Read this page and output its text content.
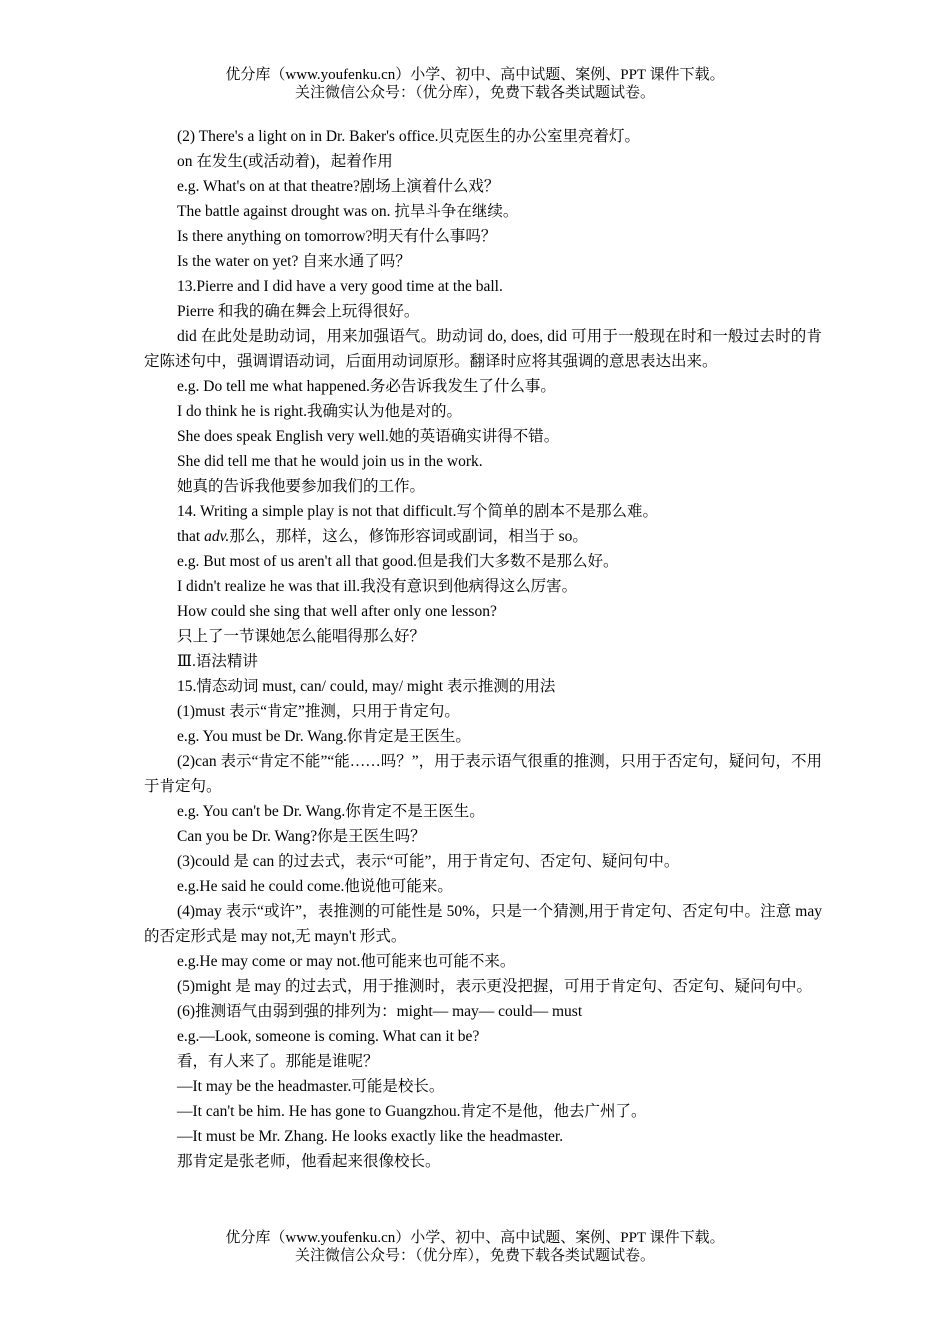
优分库（www.youfenku.cn）小学、初中、高中试题、案例、PPT 课件下载。
关注微信公众号：（优分库），免费下载各类试题试卷。

(2) There's a light on in Dr. Baker's office.贝克医生的办公室里亮着灯。

on 在发生(或活动着)，起着作用

e.g. What's on at that theatre?剧场上演着什么戏？

The battle against drought was on. 抗旱斗争在继续。

Is there anything on tomorrow?明天有什么事吗？

Is the water on yet? 自来水通了吗？

13.Pierre and I did have a very good time at the ball.

Pierre 和我的确在舞会上玩得很好。

did 在此处是助动词，用来加强语气。助动词 do, does, did 可用于一般现在时和一般过去时的肯定陈述句中，强调谓语动词，后面用动词原形。翻译时应将其强调的意思表达出来。

e.g. Do tell me what happened.务必告诉我发生了什么事。

I do think he is right.我确实认为他是对的。

She does speak English very well.她的英语确实讲得不错。

She did tell me that he would join us in the work.

她真的告诉我他要参加我们的工作。

14. Writing a simple play is not that difficult.写个简单的剧本不是那么难。

that adv.那么，那样，这么，修饰形容词或副词，相当于 so。

e.g. But most of us aren't all that good.但是我们大多数不是那么好。

I didn't realize he was that ill.我没有意识到他病得这么厉害。

How could she sing that well after only one lesson?

只上了一节课她怎么能唱得那么好？

Ⅲ.语法精讲

15.情态动词 must, can/ could, may/ might 表示推测的用法

(1)must 表示“肯定”推测，只用于肯定句。

e.g. You must be Dr. Wang.你肯定是王医生。

(2)can 表示“肯定不能”“能……吗？”，用于表示语气很重的推测，只用于否定句，疑问句，不用于肯定句。

e.g. You can't be Dr. Wang.你肯定不是王医生。

Can you be Dr. Wang?你是王医生吗？

(3)could 是 can 的过去式，表示“可能”，用于肯定句、否定句、疑问句中。

e.g.He said he could come.他说他可能来。

(4)may 表示“或许”，表推测的可能性是 50%，只是一个猜测,用于肯定句、否定句中。注意 may 的否定形式是 may not,无 mayn't 形式。

e.g.He may come or may not.他可能来也可能不来。

(5)might 是 may 的过去式，用于推测时，表示更没把握，可用于肯定句、否定句、疑问句中。

(6)推测语气由弱到强的排列为：might— may— could— must

e.g.—Look, someone is coming. What can it be?

看，有人来了。那能是谁呢？

—It may be the headmaster.可能是校长。

—It can't be him. He has gone to Guangzhou.肯定不是他，他去广州了。

—It must be Mr. Zhang. He looks exactly like the headmaster.

那肯定是张老师，他看起来很像校长。

优分库（www.youfenku.cn）小学、初中、高中试题、案例、PPT 课件下载。
关注微信公众号：（优分库），免费下载各类试题试卷。
